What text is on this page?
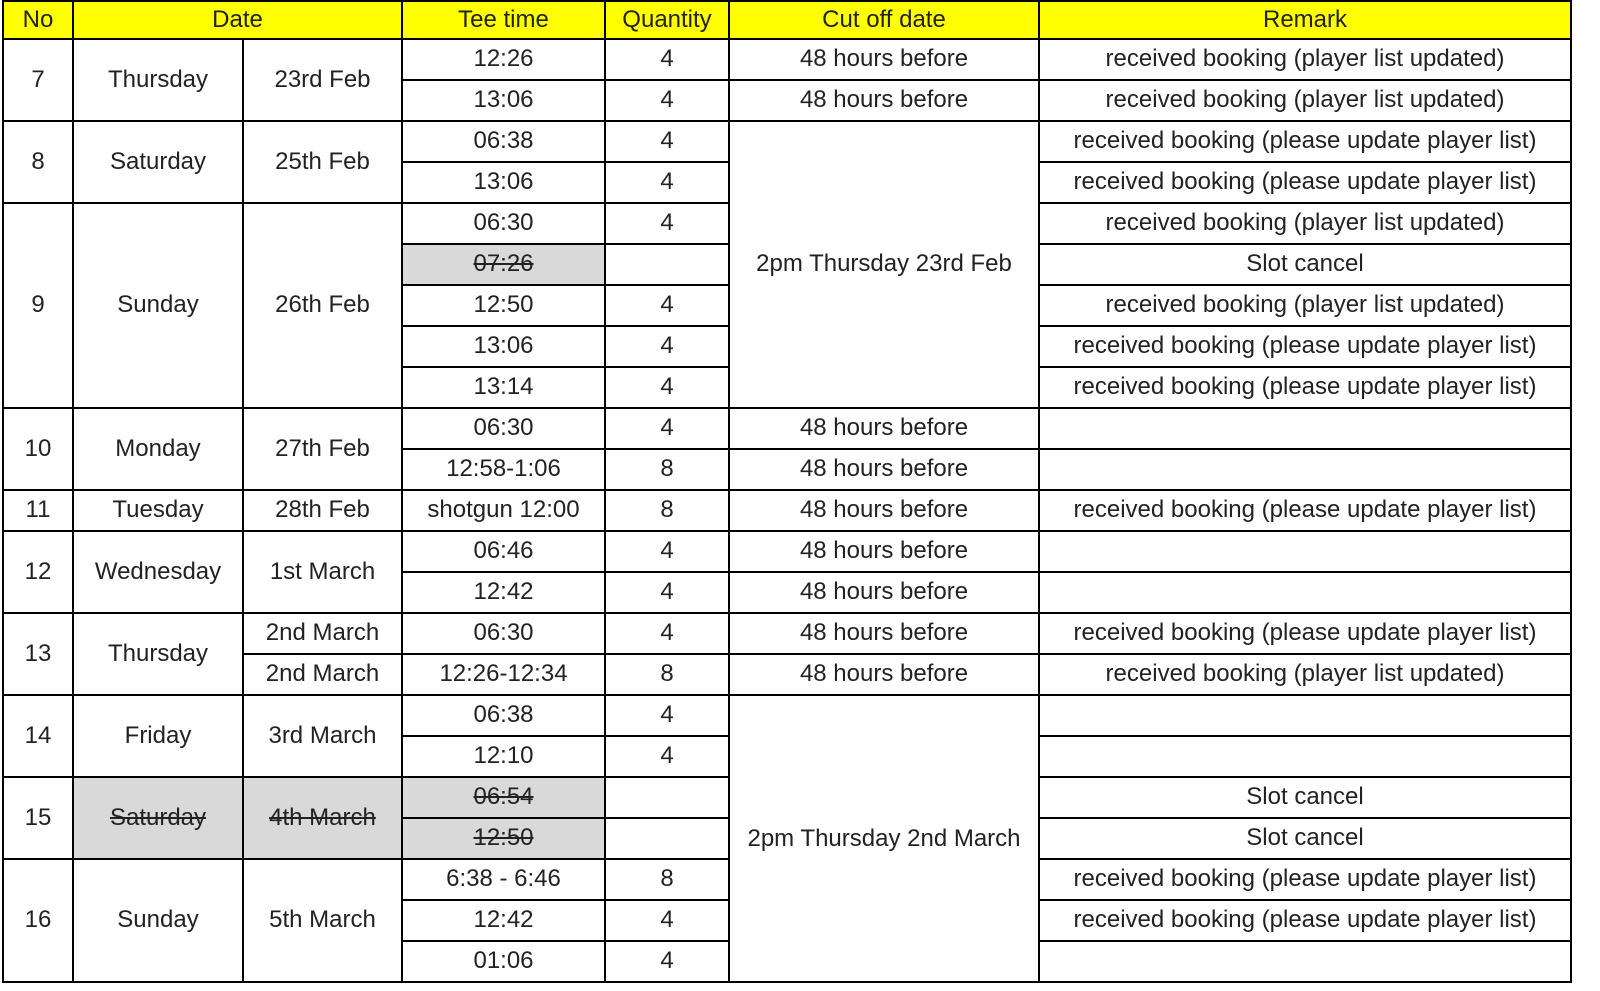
No	Date		Tee time	Quantity	Cut off date	Remark
7	Thursday	23rd Feb	12:26	4	48 hours before	received booking (player list updated)
			13:06	4	48 hours before	received booking (player list updated)
8	Saturday	25th Feb	06:38	4	2pm Thursday 23rd Feb	received booking (please update player list)
			13:06	4		received booking (please update player list)
9	Sunday	26th Feb	06:30	4		received booking (player list updated)
			07:26			Slot cancel
			12:50	4		received booking (player list updated)
			13:06	4		received booking (please update player list)
			13:14	4		received booking (please update player list)
10	Monday	27th Feb	06:30	4	48 hours before	
			12:58-1:06	8	48 hours before	
11	Tuesday	28th Feb	shotgun 12:00	8	48 hours before	received booking (please update player list)
12	Wednesday	1st March	06:46	4	48 hours before	
			12:42	4	48 hours before	
13	Thursday	2nd March	06:30	4	48 hours before	received booking (please update player list)
		2nd March	12:26-12:34	8	48 hours before	received booking (player list updated)
14	Friday	3rd March	06:38	4	2pm Thursday 2nd March	
			12:10	4		
15	Saturday	4th March	06:54			Slot cancel
			12:50			Slot cancel
16	Sunday	5th March	6:38 - 6:46	8		received booking (please update player list)
			12:42	4		received booking (please update player list)
			01:06	4		
